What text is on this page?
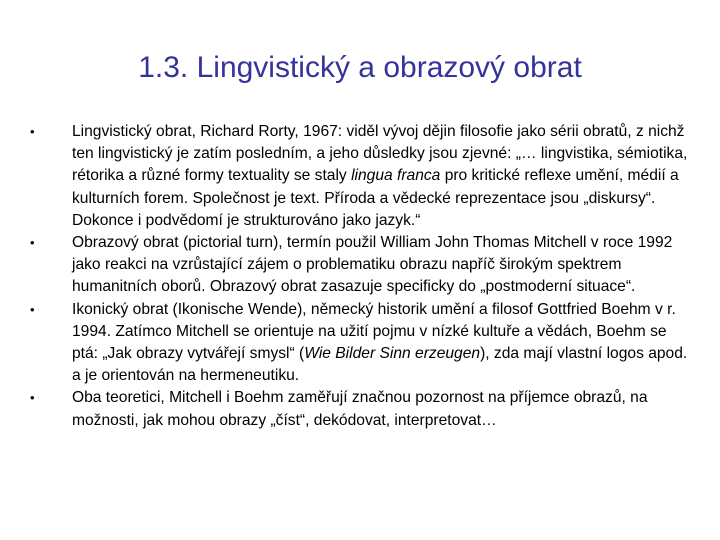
1.3. Lingvistický a obrazový obrat
• Lingvistický obrat, Richard Rorty, 1967: viděl vývoj dějin filosofie jako sérii obratů, z nichž ten lingvistický je zatím posledním, a jeho důsledky jsou zjevné: „… lingvistika, sémiotika, rétorika a různé formy textuality se staly lingua franca pro kritické reflexe umění, médií a kulturních forem. Společnost je text. Příroda a vědecké reprezentace jsou „diskursy“. Dokonce i podvědomí je strukturováno jako jazyk.“
• Obrazový obrat (pictorial turn), termín použil William John Thomas Mitchell v roce 1992 jako reakci na vzrůstající zájem o problematiku obrazu napříč širokým spektrem humanitních oborů. Obrazový obrat zasazuje specificky do „postmoderní situace“.
• Ikonický obrat (Ikonische Wende), německý historik umění a filosof Gottfried Boehm v r. 1994. Zatímco Mitchell se orientuje na užití pojmu v nízké kultuře a vědách, Boehm se ptá: „Jak obrazy vytvářejí smysl“ (Wie Bilder Sinn erzeugen), zda mají vlastní logos apod. a je orientován na hermeneutiku.
• Oba teoretici, Mitchell i Boehm zaměřují značnou pozornost na příjemce obrazů, na možnosti, jak mohou obrazy „číst“, dekódovat, interpretovat…
